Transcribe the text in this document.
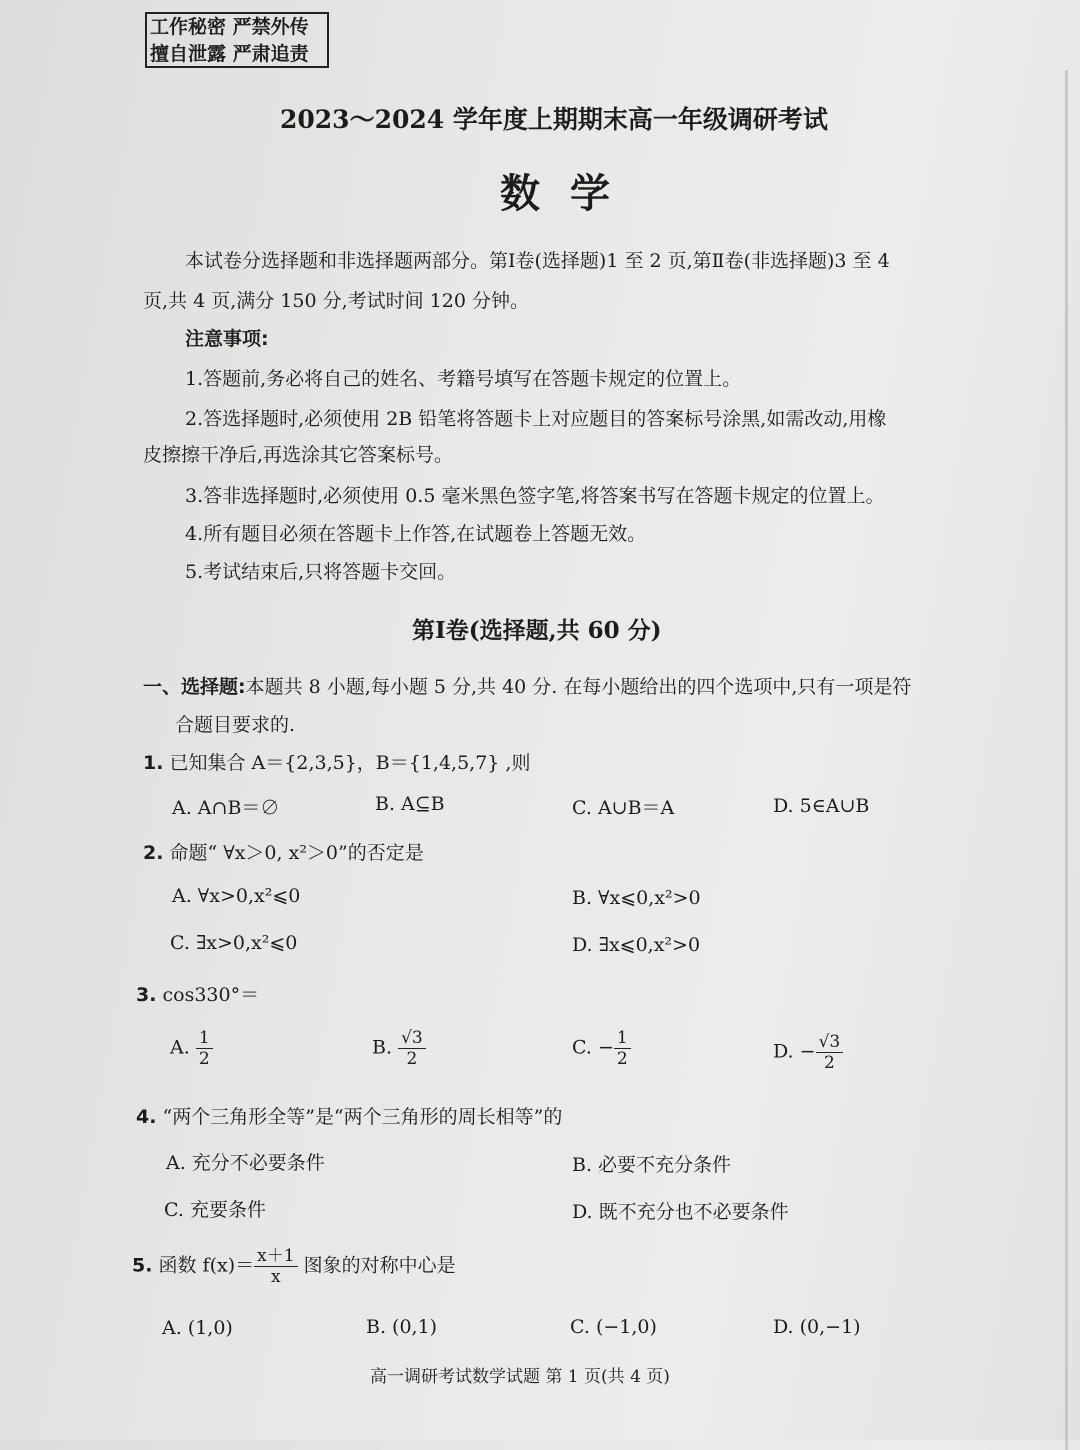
工作秘密 严禁外传
擅自泄露 严肃追责
2023～2024 学年度上期期末高一年级调研考试
数学
本试卷分选择题和非选择题两部分。第Ⅰ卷(选择题)1 至 2 页,第Ⅱ卷(非选择题)3 至 4
页,共 4 页,满分 150 分,考试时间 120 分钟。
注意事项:
1.答题前,务必将自己的姓名、考籍号填写在答题卡规定的位置上。
2.答选择题时,必须使用 2B 铅笔将答题卡上对应题目的答案标号涂黑,如需改动,用橡
皮擦擦干净后,再选涂其它答案标号。
3.答非选择题时,必须使用 0.5 毫米黑色签字笔,将答案书写在答题卡规定的位置上。
4.所有题目必须在答题卡上作答,在试题卷上答题无效。
5.考试结束后,只将答题卡交回。
第Ⅰ卷(选择题,共 60 分)
一、选择题:本题共 8 小题,每小题 5 分,共 40 分. 在每小题给出的四个选项中,只有一项是符
合题目要求的.
1. 已知集合 A＝{2,3,5}，B＝{1,4,5,7} ,则
A. A∩B＝∅	B. A⊆B	C. A∪B＝A	D. 5∈A∪B
2. 命题“ ∀x＞0, x²＞0”的否定是
A. ∀x>0,x²⩽0	B. ∀x⩽0,x²>0
C. ∃x>0,x²⩽0	D. ∃x⩽0,x²>0
3. cos330°＝
A. $\frac{1}{2}$	B. $\frac{√3}{2}$	C. − $\frac{1}{2}$	D. − $\frac{√3}{2}$
4. “两个三角形全等”是“两个三角形的周长相等”的
A. 充分不必要条件	B. 必要不充分条件
C. 充要条件	D. 既不充分也不必要条件
5. 函数 $f(x)= \frac{x+1}{x}$ 图象的对称中心是
A. (1,0)	B. (0,1)	C. (−1,0)	D. (0,−1)
高一调研考试数学试题 第 1 页(共 4 页)
